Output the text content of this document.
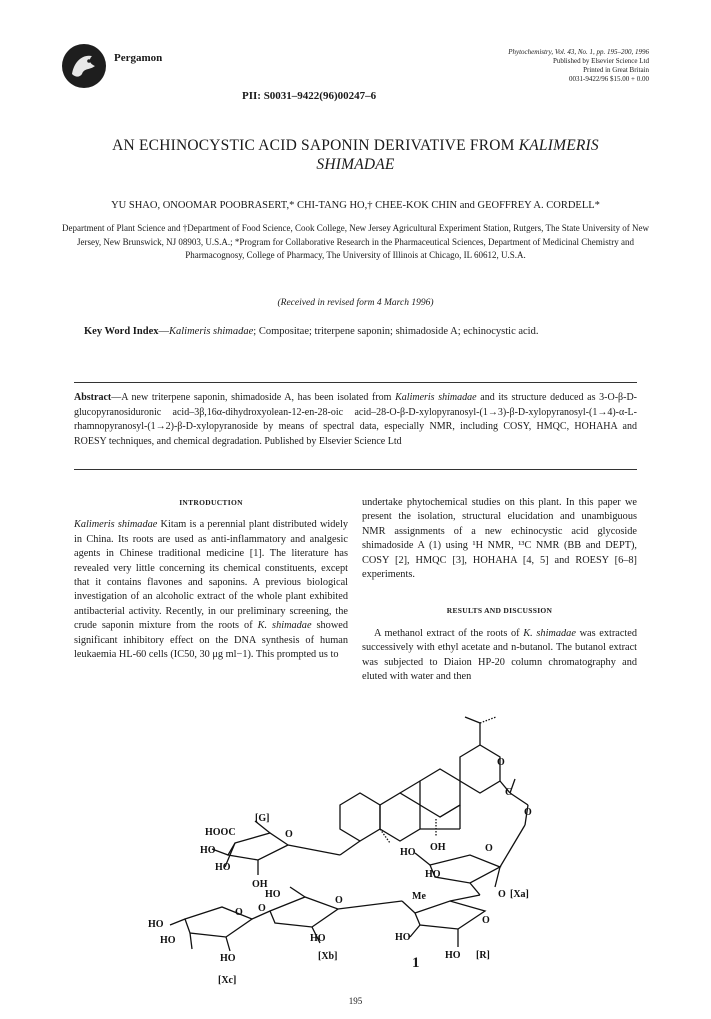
Pergamon	Phytochemistry, Vol. 43, No. 1, pp. 195–200, 1996
Published by Elsevier Science Ltd
Printed in Great Britain
0031-9422/96 $15.00 + 0.00
PII: S0031–9422(96)00247–6
AN ECHINOCYSTIC ACID SAPONIN DERIVATIVE FROM KALIMERIS
SHIMADAE
YU SHAO, ONOOMAR POOBRASERT,* CHI-TANG HO,† CHEE-KOK CHIN and GEOFFREY A. CORDELL*
Department of Plant Science and †Department of Food Science, Cook College, New Jersey Agricultural Experiment Station, Rutgers, The State University of New Jersey, New Brunswick, NJ 08903, U.S.A.; *Program for Collaborative Research in the Pharmaceutical Sciences, Department of Medicinal Chemistry and Pharmacognosy, College of Pharmacy, The University of Illinois at Chicago, IL 60612, U.S.A.
(Received in revised form 4 March 1996)
Key Word Index—Kalimeris shimadae; Compositae; triterpene saponin; shimadoside A; echinocystic acid.
Abstract—A new triterpene saponin, shimadoside A, has been isolated from Kalimeris shimadae and its structure deduced as 3-O-β-D-glucopyranosiduronic acid–3β,16α-dihydroxyolean-12-en-28-oic acid–28-O-β-D-xylopyranosyl-(1→3)-β-D-xylopyranosyl-(1→4)-α-L-rhamnopyranosyl-(1→2)-β-D-xylopyranoside by means of spectral data, especially NMR, including COSY, HMQC, HOHAHA and ROESY techniques, and chemical degradation. Published by Elsevier Science Ltd
INTRODUCTION

Kalimeris shimadae Kitam is a perennial plant distributed widely in China. Its roots are used as anti-inflammatory and analgesic agents in Chinese traditional medicine [1]. The literature has revealed very little concerning its chemical constituents, except that it contains flavones and saponins. A previous biological investigation of an alcoholic extract of the whole plant exhibited antibacterial activity. Recently, in our preliminary screening, the crude saponin mixture from the roots of K. shimadae showed significant inhibitory effect on the DNA synthesis of human leukaemia HL-60 cells (IC50, 30 μg ml−1). This prompted us to

undertake phytochemical studies on this plant. In this paper we present the isolation, structural elucidation and unambiguous NMR assignments of a new echinocystic acid glycoside shimadoside A (1) using ¹H NMR, ¹³C NMR (BB and DEPT), COSY [2], HMQC [3], HOHAHA [4, 5] and ROESY [6–8] experiments.

RESULTS AND DISCUSSION

A methanol extract of the roots of K. shimadae was extracted successively with ethyl acetate and n-butanol. The butanol extract was subjected to Diaion HP-20 column chromatography and eluted with water and then

O
C
O
OH
[G]
HOOC
HO
HO
O
OH
HO	O
HO
O [Xa]
Me
O
HO
HO [R]
HO
O
O
HO
[Xb]
HO
HO
HO
[Xc]
O
1
195
